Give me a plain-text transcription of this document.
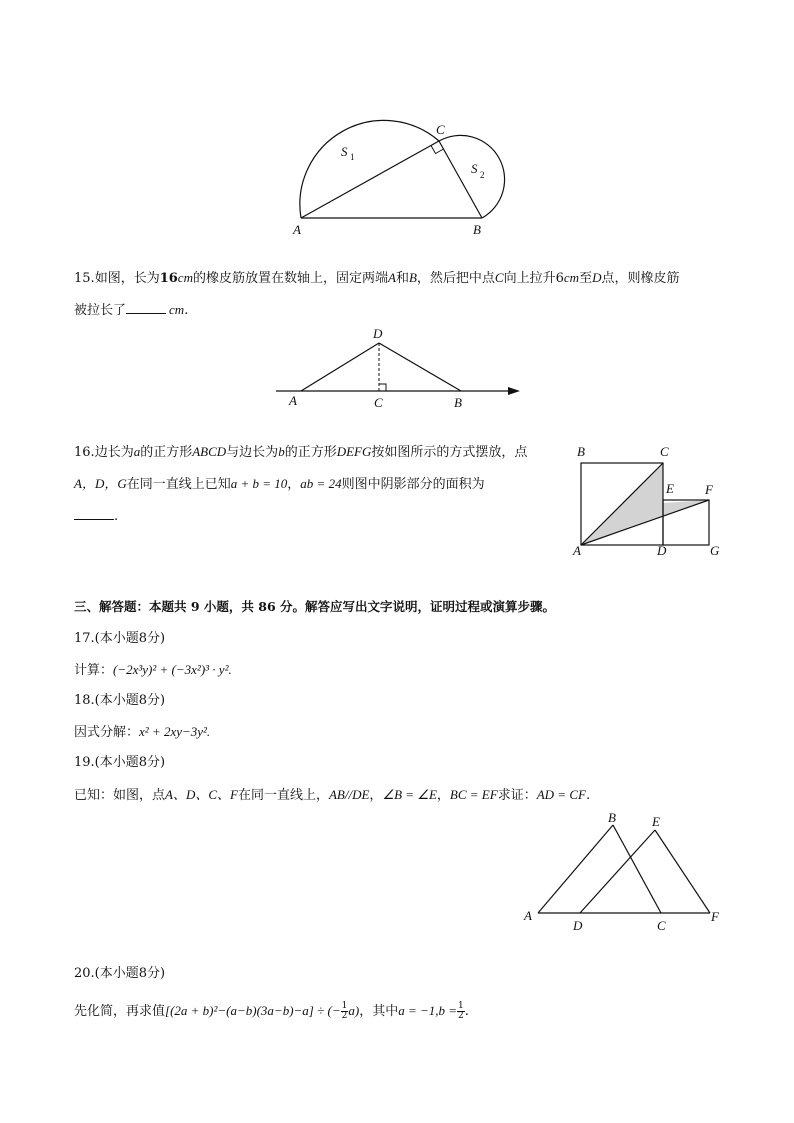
A	B
C
S 1
S 2
15.如图，长为16cm的橡皮筋放置在数轴上，固定两端A和B，然后把中点C向上拉升6cm至D点，则橡皮筋
被拉长了	cm.
A	C	B
D
16.边长为a的正方形ABCD与边长为b的正方形DEFG按如图所示的方式摆放，点
A，D，G在同一直线上已知a + b = 10，ab = 24则图中阴影部分的面积为
.
B	C
E F
A	D	G
三、解答题：本题共 9 小题，共 86 分。解答应写出文字说明，证明过程或演算步骤。
17.(本小题8分)
计算：(−2x³y)² + (−3x²)³ · y².
18.(本小题8分)
因式分解：x² + 2xy−3y².
19.(本小题8分)
已知：如图，点A、D、C、F在同一直线上，AB//DE，∠B = ∠E，BC = EF求证：AD = CF.
A
B
C
D
E
F
20.(本小题8分)
先化简，再求值[(2a + b)²−(a−b)(3a−b)−a] ÷ (− $\frac{1}{2} a$)，其中$a = -1,b = \frac{1}{2}$ .
